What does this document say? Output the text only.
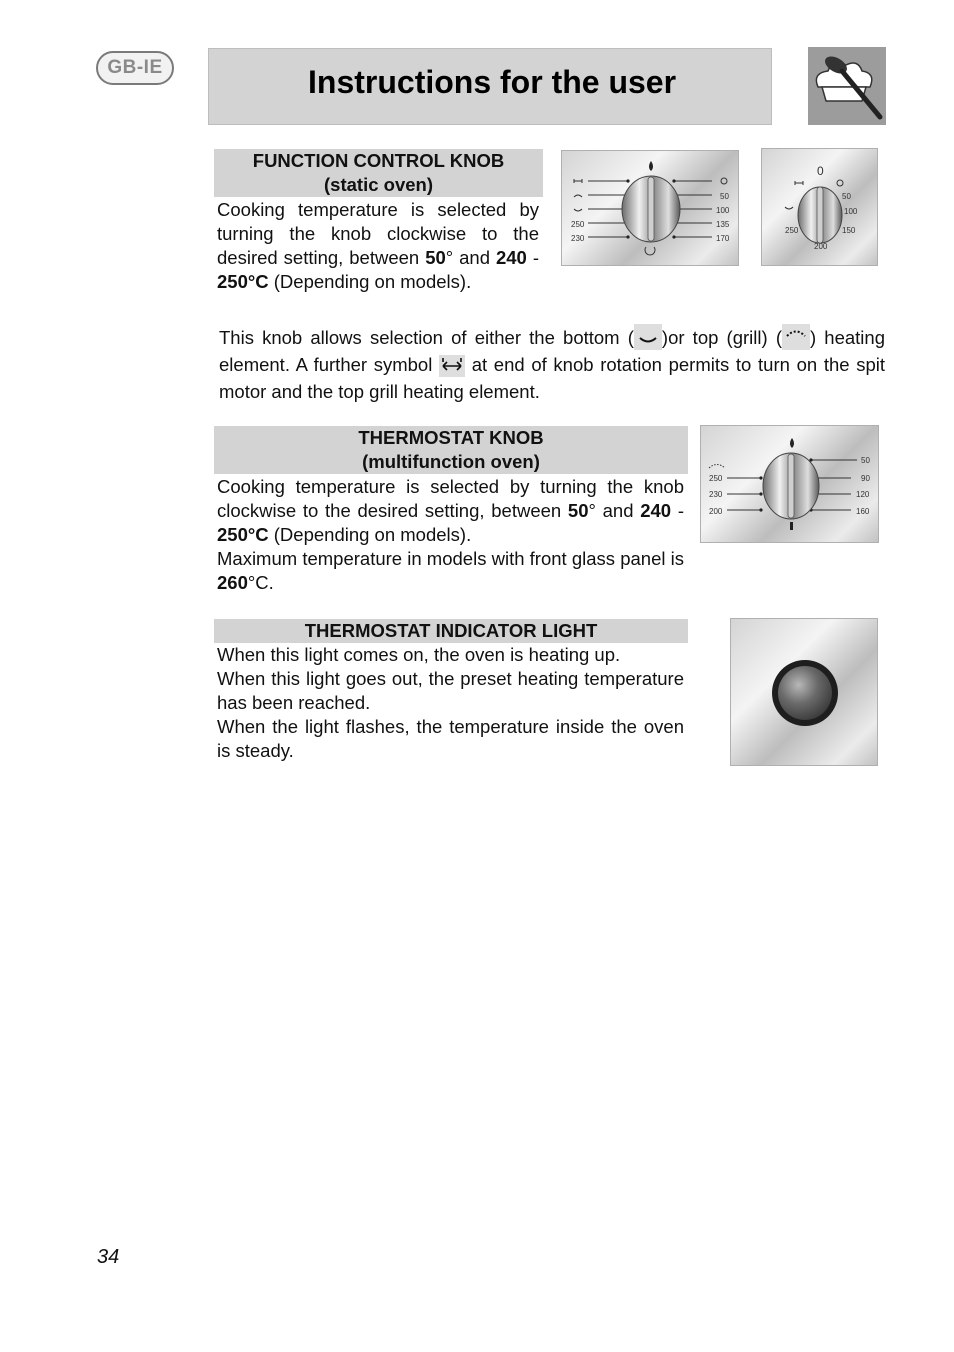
GB-IE	Instructions for the user
FUNCTION CONTROL KNOB
(static oven)

Cooking temperature is selected by turning the knob clockwise to the desired setting, between 50° and 240 - 250°C (Depending on models).

250
230
50
100
135
170
0
50
100
150
200
250

This knob allows selection of either the bottom ( )or top (grill) ( ) heating element. A further symbol
at end of knob rotation permits to turn on the spit motor and the top grill heating element.

THERMOSTAT KNOB
(multifunction oven)

Cooking temperature is selected by turning the knob clockwise to the desired setting, between 50° and 240 - 250°C (Depending on models).
Maximum temperature in models with front glass panel is 260°C.

250
230
200
50
90
120
160
THERMOSTAT INDICATOR LIGHT

When this light comes on, the oven is heating up.

When this light goes out, the preset heating temperature has been reached.

When the light flashes, the temperature inside the oven is steady.

34
